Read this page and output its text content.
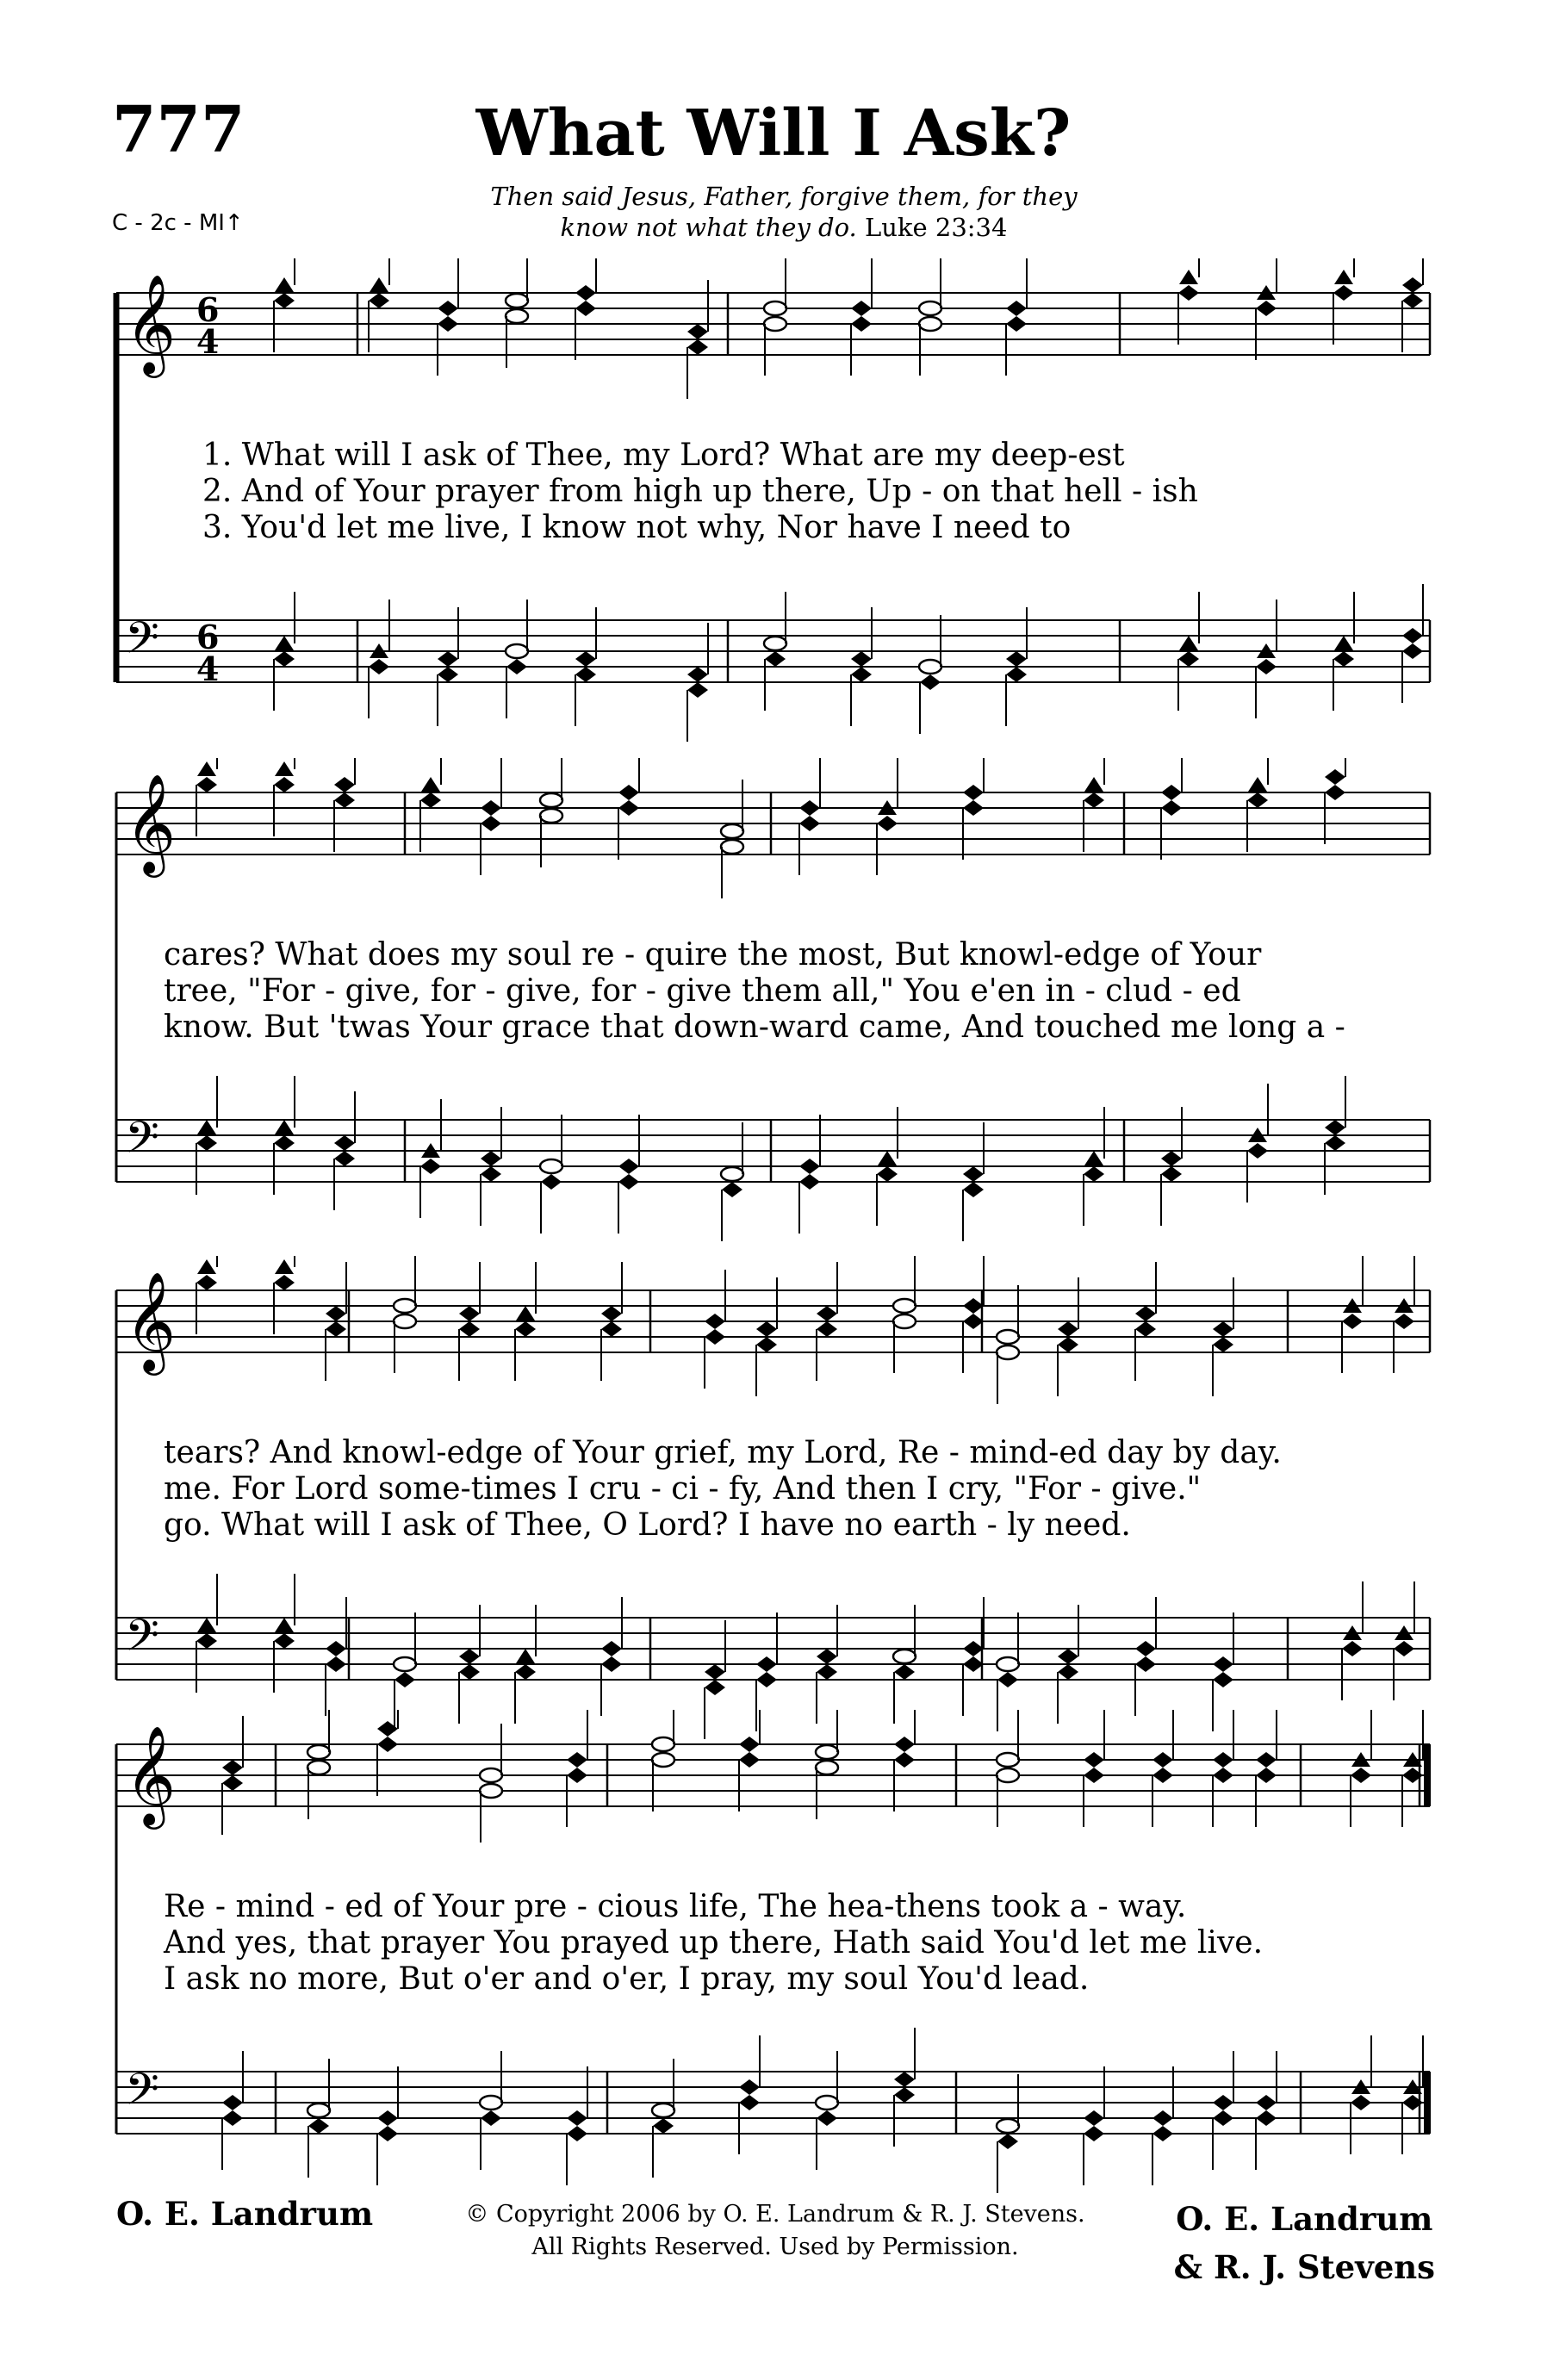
777	What Will I Ask?
C - 2c - MI↑
Then said Jesus, Father, forgive them, for they
know not what they do. Luke 23:34
𝄞
𝄢
6
4
6
4
1. What will I ask of Thee, my Lord? What are my deep-est
2. And of Your prayer from high up there, Up - on that hell - ish
3. You'd let me live, I know not why, Nor have I need to
𝄞
𝄢
cares? What does my soul re - quire the most, But knowl-edge of Your
tree, "For - give, for - give, for - give them all," You e'en in - clud - ed
know. But 'twas Your grace that down-ward came, And touched me long a -
𝄞
𝄢
tears? And knowl-edge of Your grief, my Lord, Re - mind-ed day by day.
me. For Lord some-times I cru - ci - fy, And then I cry, "For - give."
go. What will I ask of Thee, O Lord? I have no earth - ly need.
𝄞
𝄢
Re - mind - ed of Your pre - cious life, The hea-thens took a - way.
And yes, that prayer You prayed up there, Hath said You'd let me live.
I ask no more, But o'er and o'er, I pray, my soul You'd lead.
O. E. Landrum	© Copyright 2006 by O. E. Landrum & R. J. Stevens.
All Rights Reserved. Used by Permission.
O. E. Landrum
& R. J. Stevens
